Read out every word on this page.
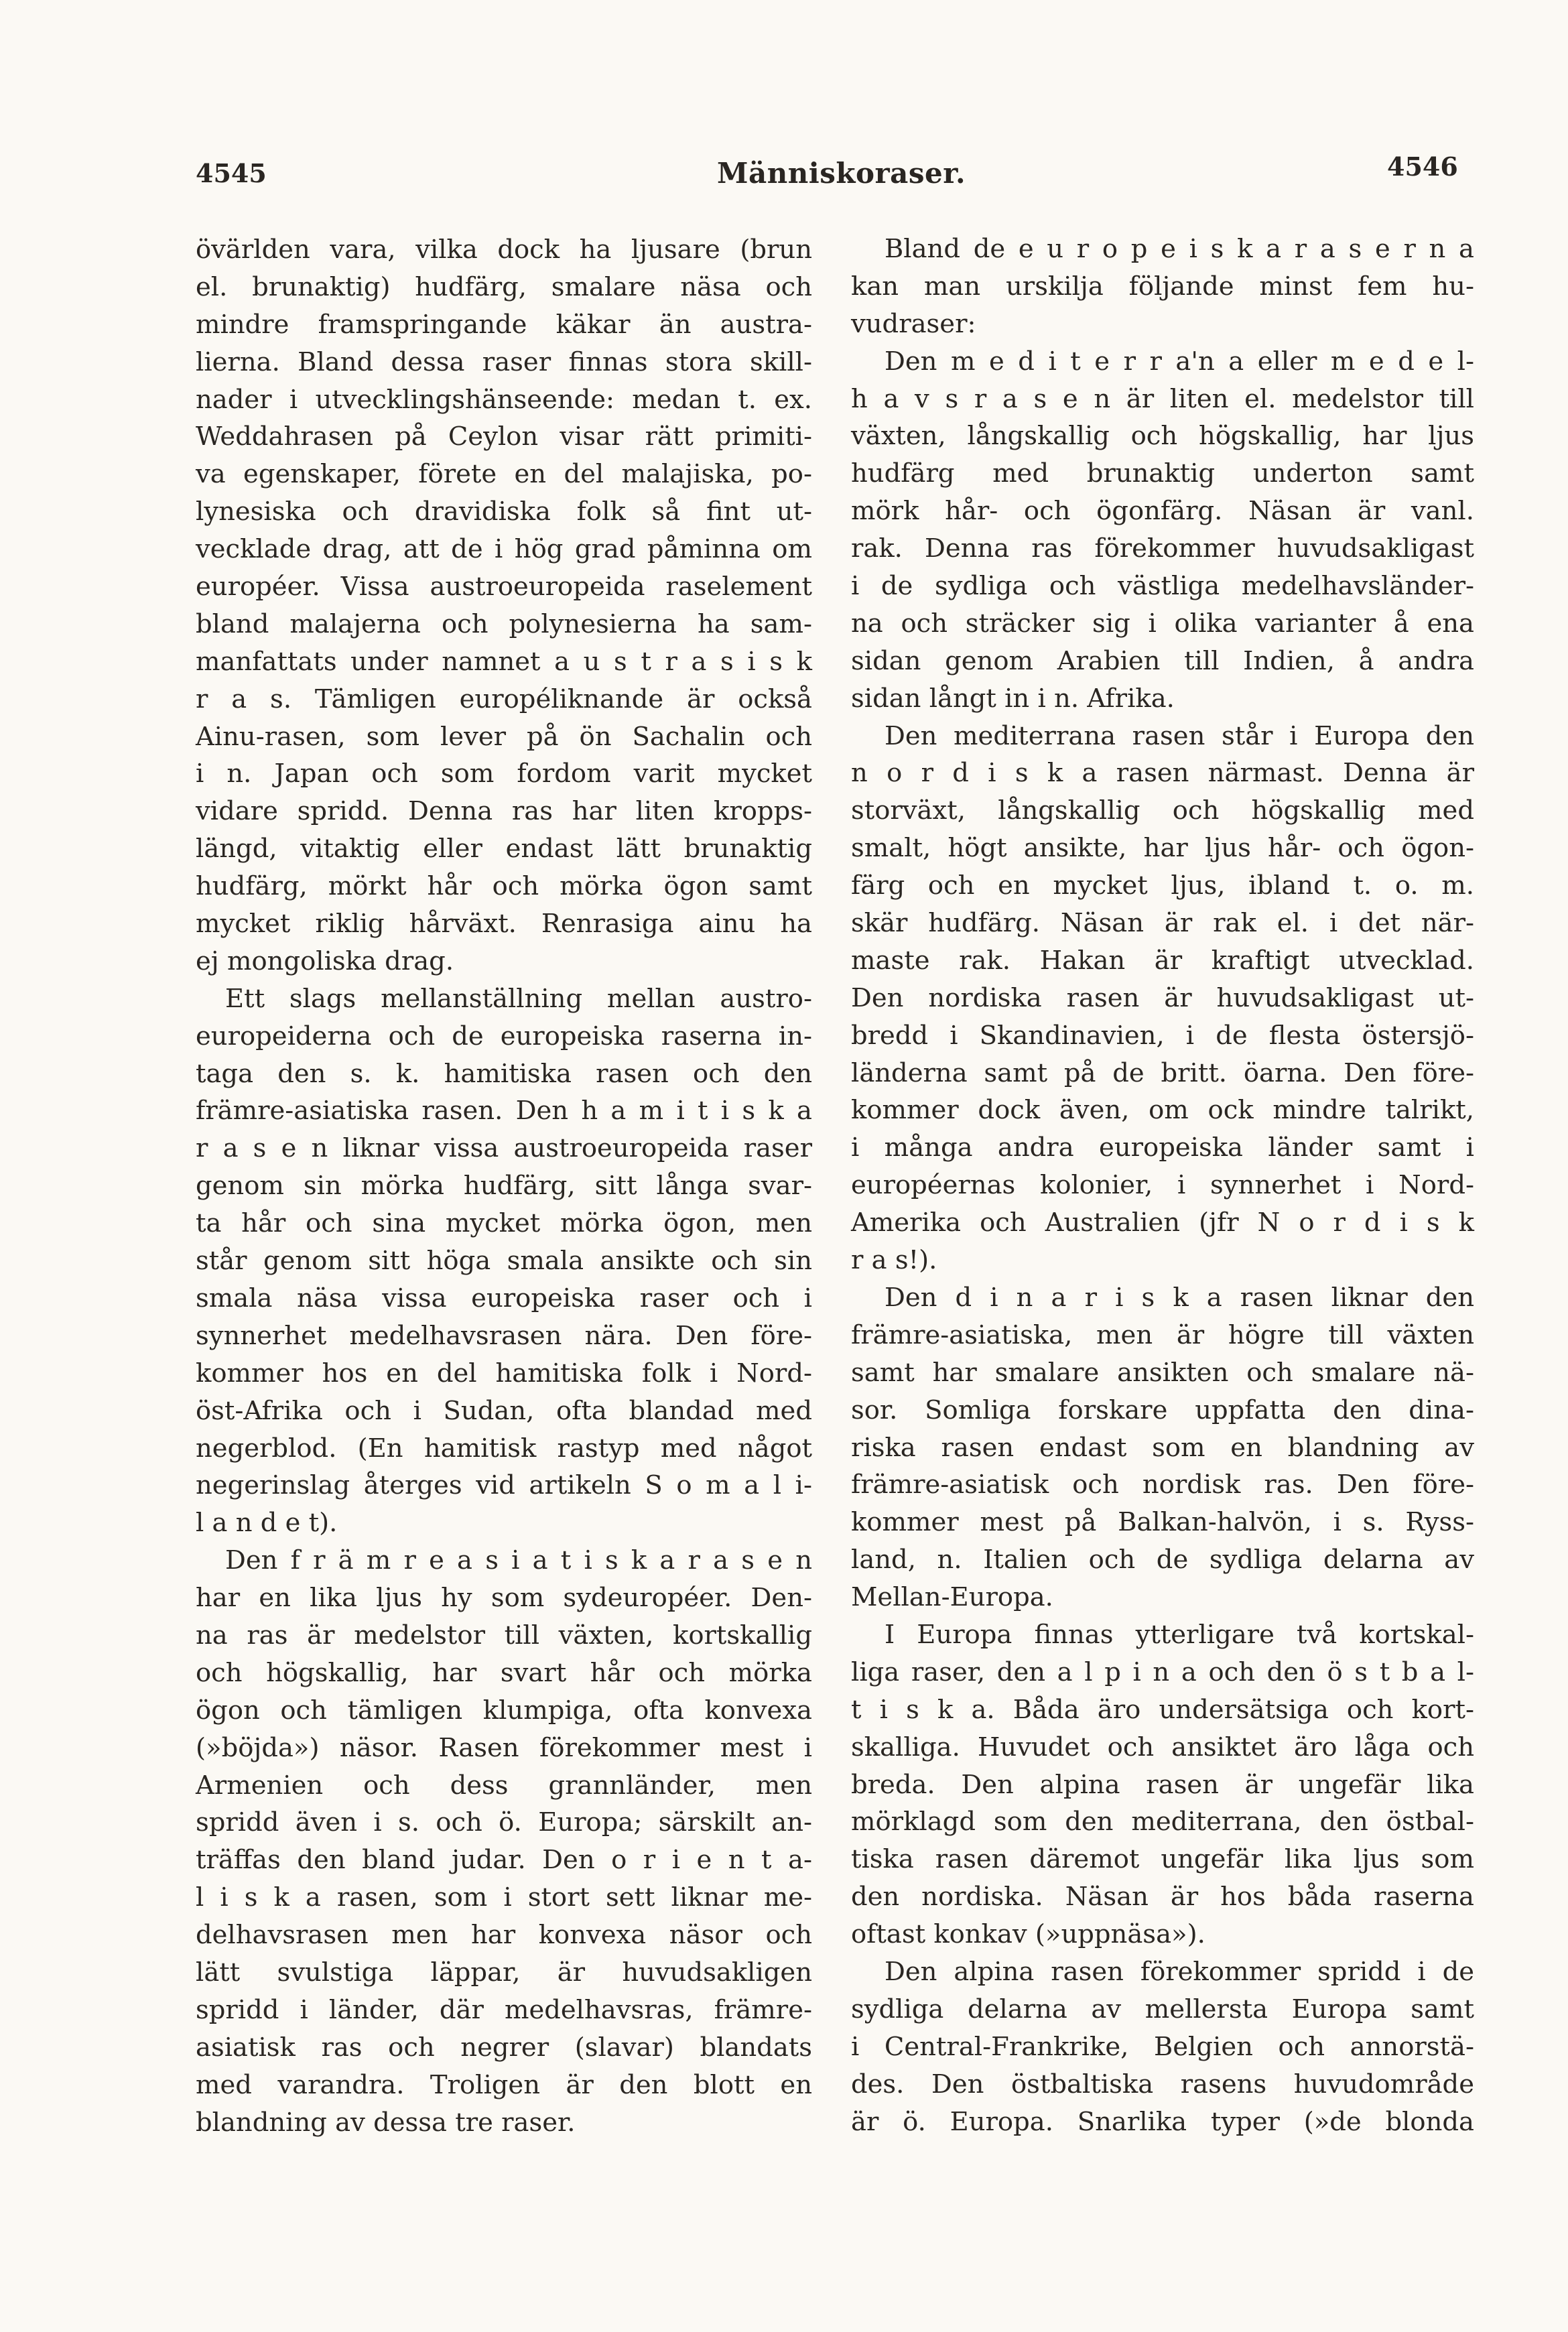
4545	Människoraser.	4546
övärlden vara, vilka dock ha ljusare (brun
el. brunaktig) hudfärg, smalare näsa och
mindre framspringande käkar än austra-
lierna. Bland dessa raser finnas stora skill-
nader i utvecklingshänseende: medan t. ex.
Weddahrasen på Ceylon visar rätt primiti-
va egenskaper, förete en del malajiska, po-
lynesiska och dravidiska folk så fint ut-
vecklade drag, att de i hög grad påminna om
européer. Vissa austroeuropeida raselement
bland malajerna och polynesierna ha sam-
manfattats under namnet a u s t r a s i s k
r a s. Tämligen européliknande är också
Ainu-rasen, som lever på ön Sachalin och
i n. Japan och som fordom varit mycket
vidare spridd. Denna ras har liten kropps-
längd, vitaktig eller endast lätt brunaktig
hudfärg, mörkt hår och mörka ögon samt
mycket riklig hårväxt. Renrasiga ainu ha
ej mongoliska drag.
Ett slags mellanställning mellan austro-
europeiderna och de europeiska raserna in-
taga den s. k. hamitiska rasen och den
främre-asiatiska rasen. Den h a m i t i s k a
r a s e n liknar vissa austroeuropeida raser
genom sin mörka hudfärg, sitt långa svar-
ta hår och sina mycket mörka ögon, men
står genom sitt höga smala ansikte och sin
smala näsa vissa europeiska raser och i
synnerhet medelhavsrasen nära. Den före-
kommer hos en del hamitiska folk i Nord-
öst-Afrika och i Sudan, ofta blandad med
negerblod. (En hamitisk rastyp med något
negerinslag återges vid artikeln S o m a l i-
l a n d e t).
Den f r ä m r e a s i a t i s k a r a s e n
har en lika ljus hy som sydeuropéer. Den-
na ras är medelstor till växten, kortskallig
och högskallig, har svart hår och mörka
ögon och tämligen klumpiga, ofta konvexa
(»böjda») näsor. Rasen förekommer mest i
Armenien och dess grannländer, men
spridd även i s. och ö. Europa; särskilt an-
träffas den bland judar. Den o r i e n t a-
l i s k a rasen, som i stort sett liknar me-
delhavsrasen men har konvexa näsor och
lätt svulstiga läppar, är huvudsakligen
spridd i länder, där medelhavsras, främre-
asiatisk ras och negrer (slavar) blandats
med varandra. Troligen är den blott en
blandning av dessa tre raser.
Bland de e u r o p e i s k a r a s e r n a
kan man urskilja följande minst fem hu-
vudraser:
Den m e d i t e r r a'n a eller m e d e l-
h a v s r a s e n är liten el. medelstor till
växten, långskallig och högskallig, har ljus
hudfärg med brunaktig underton samt
mörk hår- och ögonfärg. Näsan är vanl.
rak. Denna ras förekommer huvudsakligast
i de sydliga och västliga medelhavsländer-
na och sträcker sig i olika varianter å ena
sidan genom Arabien till Indien, å andra
sidan långt in i n. Afrika.
Den mediterrana rasen står i Europa den
n o r d i s k a rasen närmast. Denna är
storväxt, långskallig och högskallig med
smalt, högt ansikte, har ljus hår- och ögon-
färg och en mycket ljus, ibland t. o. m.
skär hudfärg. Näsan är rak el. i det när-
maste rak. Hakan är kraftigt utvecklad.
Den nordiska rasen är huvudsakligast ut-
bredd i Skandinavien, i de flesta östersjö-
länderna samt på de britt. öarna. Den före-
kommer dock även, om ock mindre talrikt,
i många andra europeiska länder samt i
européernas kolonier, i synnerhet i Nord-
Amerika och Australien (jfr N o r d i s k
r a s!).
Den d i n a r i s k a rasen liknar den
främre-asiatiska, men är högre till växten
samt har smalare ansikten och smalare nä-
sor. Somliga forskare uppfatta den dina-
riska rasen endast som en blandning av
främre-asiatisk och nordisk ras. Den före-
kommer mest på Balkan-halvön, i s. Ryss-
land, n. Italien och de sydliga delarna av
Mellan-Europa.
I Europa finnas ytterligare två kortskal-
liga raser, den a l p i n a och den ö s t b a l-
t i s k a. Båda äro undersätsiga och kort-
skalliga. Huvudet och ansiktet äro låga och
breda. Den alpina rasen är ungefär lika
mörklagd som den mediterrana, den östbal-
tiska rasen däremot ungefär lika ljus som
den nordiska. Näsan är hos båda raserna
oftast konkav (»uppnäsa»).
Den alpina rasen förekommer spridd i de
sydliga delarna av mellersta Europa samt
i Central-Frankrike, Belgien och annorstä-
des. Den östbaltiska rasens huvudområde
är ö. Europa. Snarlika typer (»de blonda
